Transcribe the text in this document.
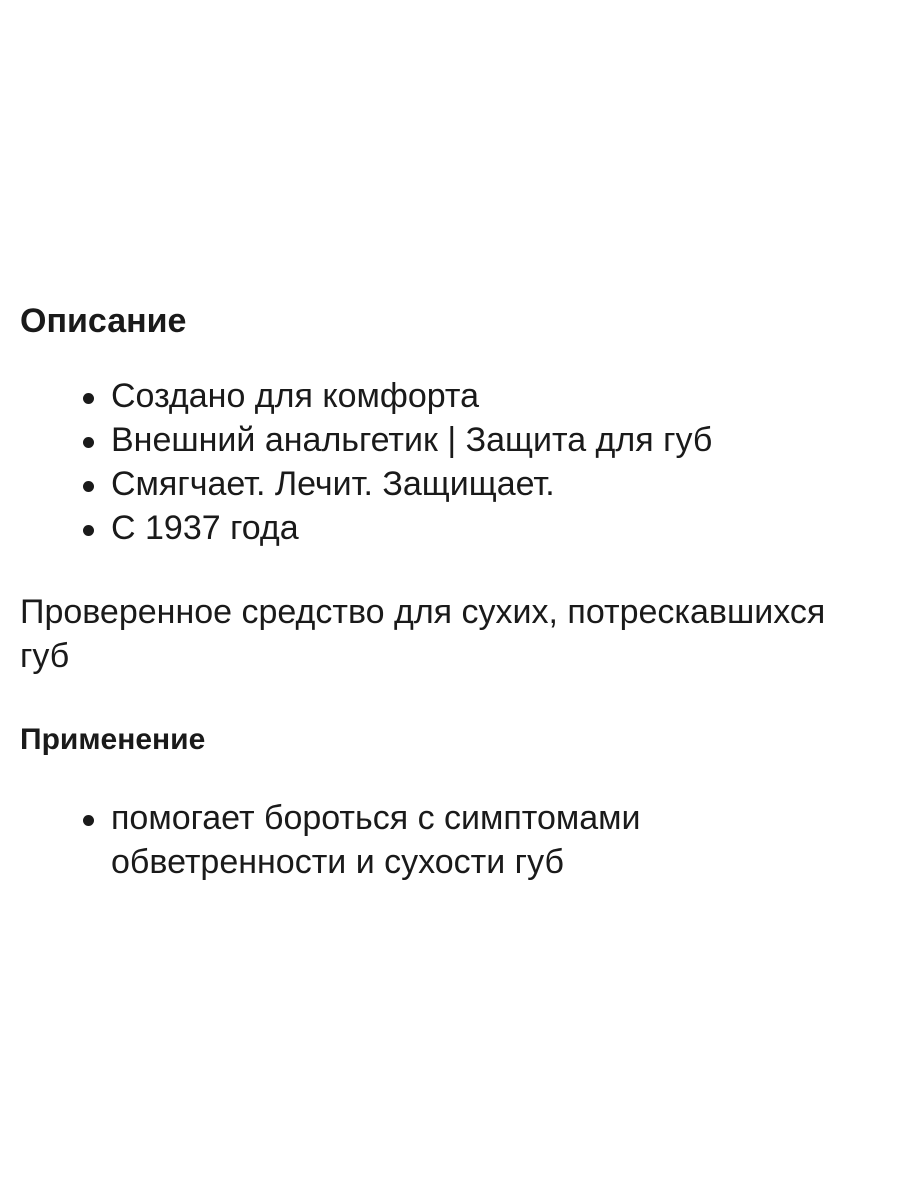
Описание
Создано для комфорта
Внешний анальгетик | Защита для губ
Смягчает. Лечит. Защищает.
С 1937 года

Проверенное средство для сухих, потрескавшихся губ

Применение
помогает бороться с симптомами обветренности и сухости губ
